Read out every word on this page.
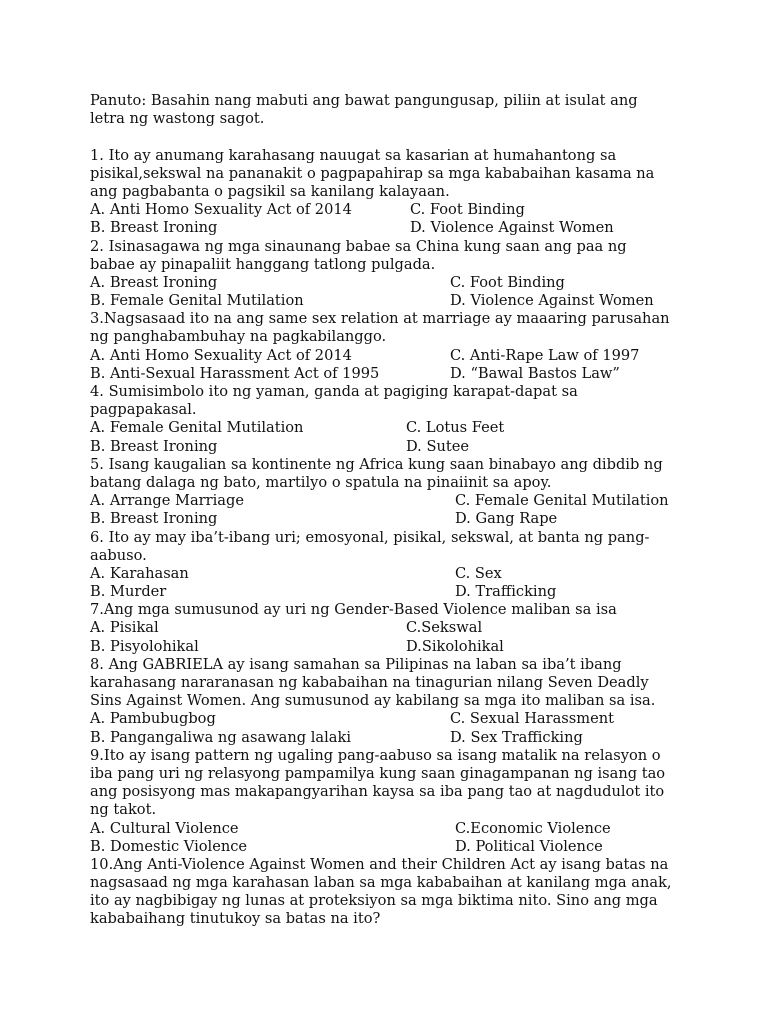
Panuto: Basahin nang mabuti ang bawat pangungusap, piliin at isulat ang
letra ng wastong sagot.
1. Ito ay anumang karahasang nauugat sa kasarian at humahantong sa
pisikal,sekswal na pananakit o pagpapahirap sa mga kababaihan kasama na
ang pagbabanta o pagsikil sa kanilang kalayaan.
A. Anti Homo Sexuality Act of 2014	C. Foot Binding
B. Breast Ironing	D. Violence Against Women
2. Isinasagawa ng mga sinaunang babae sa China kung saan ang paa ng
babae ay pinapaliit hanggang tatlong pulgada.
A. Breast Ironing	C. Foot Binding
B. Female Genital Mutilation	D. Violence Against Women
3.Nagsasaad ito na ang same sex relation at marriage ay maaaring parusahan
ng panghabambuhay na pagkabilanggo.
A. Anti Homo Sexuality Act of 2014	C. Anti-Rape Law of 1997
B. Anti-Sexual Harassment Act of 1995	D. “Bawal Bastos Law”
4. Sumisimbolo ito ng yaman, ganda at pagiging karapat-dapat sa
pagpapakasal.
A. Female Genital Mutilation	C. Lotus Feet
B. Breast Ironing	D. Sutee
5. Isang kaugalian sa kontinente ng Africa kung saan binabayo ang dibdib ng
batang dalaga ng bato, martilyo o spatula na pinaiinit sa apoy.
A. Arrange Marriage	C. Female Genital Mutilation
B. Breast Ironing	D. Gang Rape
6. Ito ay may iba’t-ibang uri; emosyonal, pisikal, sekswal, at banta ng pang-
aabuso.
A. Karahasan	C. Sex
B. Murder	D. Trafficking
7.Ang mga sumusunod ay uri ng Gender-Based Violence maliban sa isa
A. Pisikal	C.Sekswal
B. Pisyolohikal	D.Sikolohikal
8. Ang GABRIELA ay isang samahan sa Pilipinas na laban sa iba’t ibang
karahasang nararanasan ng kababaihan na tinagurian nilang Seven Deadly
Sins Against Women. Ang sumusunod ay kabilang sa mga ito maliban sa isa.
A. Pambubugbog	C. Sexual Harassment
B. Pangangaliwa ng asawang lalaki	D. Sex Trafficking
9.Ito ay isang pattern ng ugaling pang-aabuso sa isang matalik na relasyon o
iba pang uri ng relasyong pampamilya kung saan ginagampanan ng isang tao
ang posisyong mas makapangyarihan kaysa sa iba pang tao at nagdudulot ito
ng takot.
A. Cultural Violence	C.Economic Violence
B. Domestic Violence	D. Political Violence
10.Ang Anti-Violence Against Women and their Children Act ay isang batas na
nagsasaad ng mga karahasan laban sa mga kababaihan at kanilang mga anak,
ito ay nagbibigay ng lunas at proteksiyon sa mga biktima nito. Sino ang mga
kababaihang tinutukoy sa batas na ito?
